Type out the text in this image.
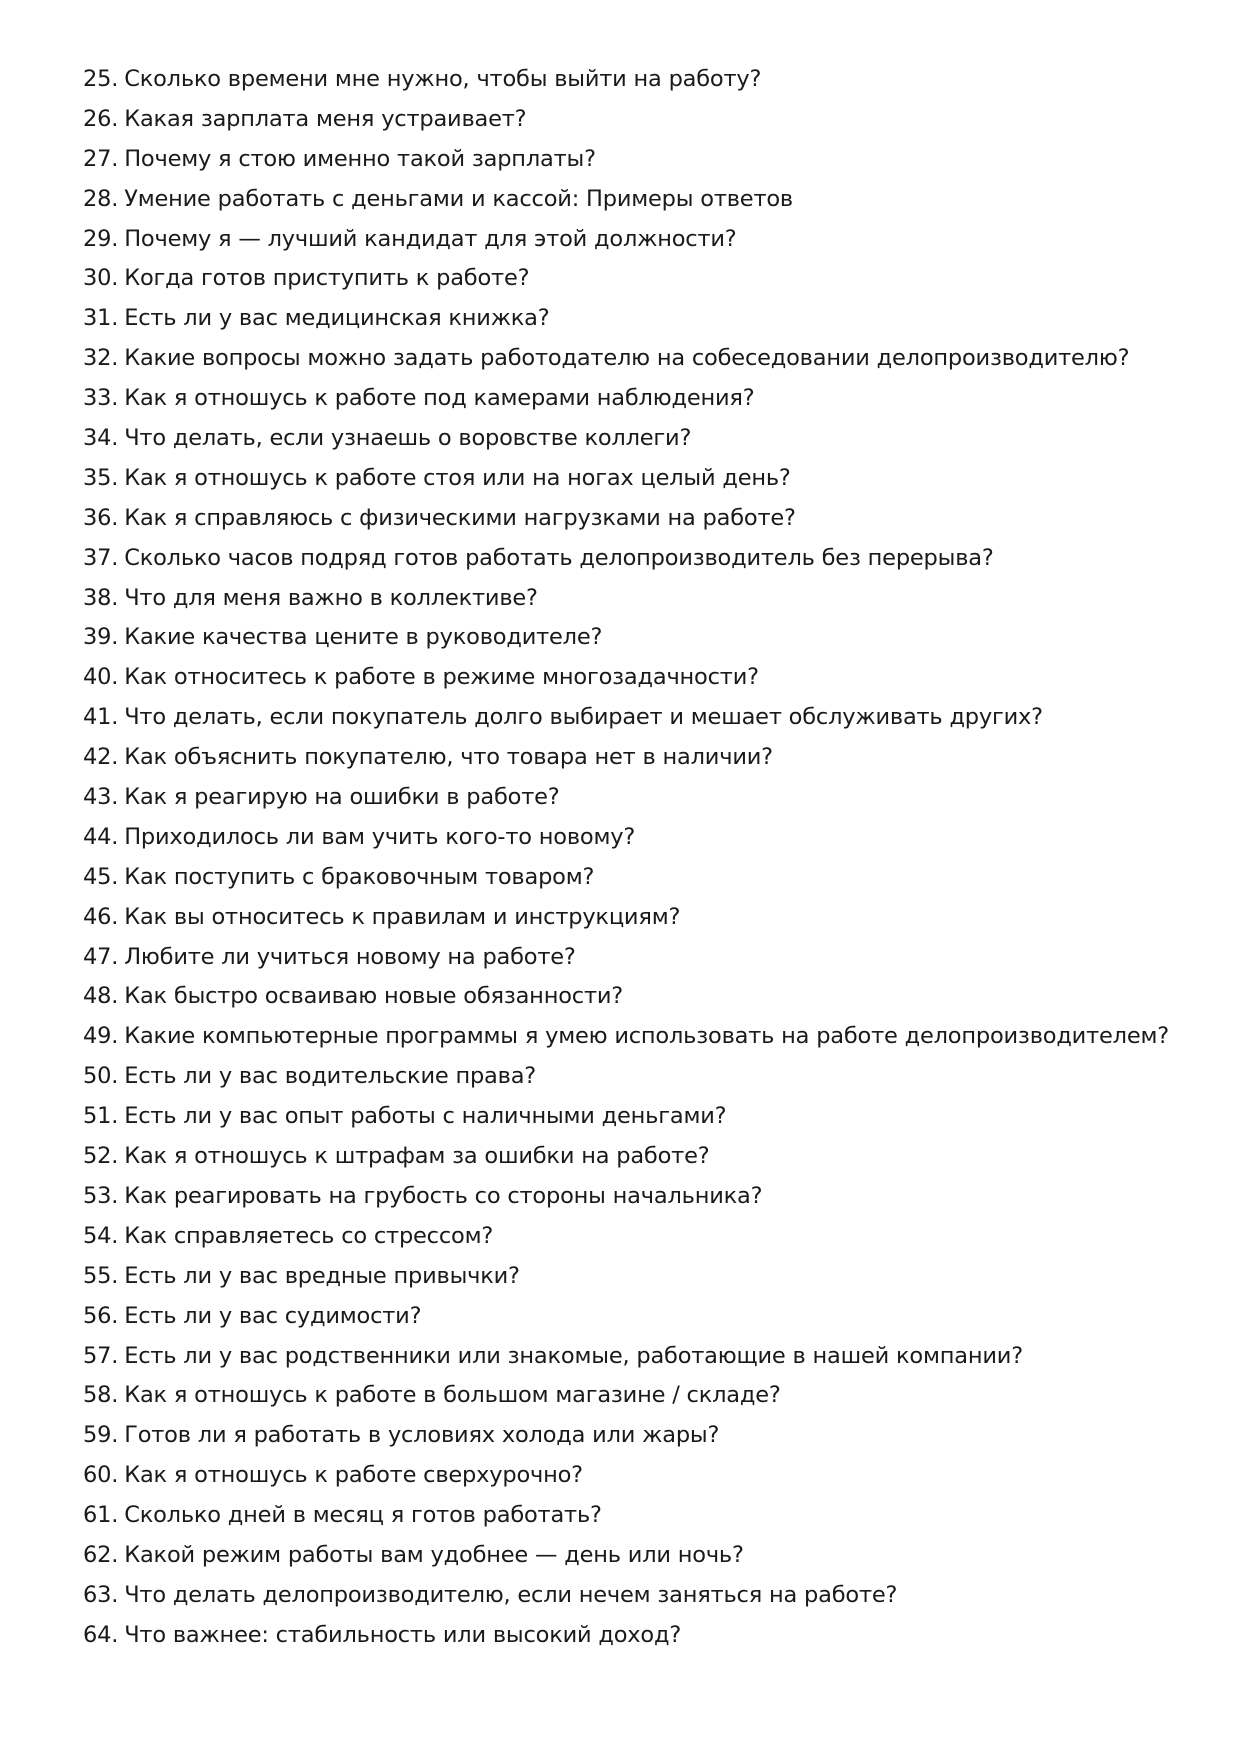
25. Сколько времени мне нужно, чтобы выйти на работу?
26. Какая зарплата меня устраивает?
27. Почему я стою именно такой зарплаты?
28. Умение работать с деньгами и кассой: Примеры ответов
29. Почему я — лучший кандидат для этой должности?
30. Когда готов приступить к работе?
31. Есть ли у вас медицинская книжка?
32. Какие вопросы можно задать работодателю на собеседовании делопроизводителю?
33. Как я отношусь к работе под камерами наблюдения?
34. Что делать, если узнаешь о воровстве коллеги?
35. Как я отношусь к работе стоя или на ногах целый день?
36. Как я справляюсь с физическими нагрузками на работе?
37. Сколько часов подряд готов работать делопроизводитель без перерыва?
38. Что для меня важно в коллективе?
39. Какие качества цените в руководителе?
40. Как относитесь к работе в режиме многозадачности?
41. Что делать, если покупатель долго выбирает и мешает обслуживать других?
42. Как объяснить покупателю, что товара нет в наличии?
43. Как я реагирую на ошибки в работе?
44. Приходилось ли вам учить кого-то новому?
45. Как поступить с браковочным товаром?
46. Как вы относитесь к правилам и инструкциям?
47. Любите ли учиться новому на работе?
48. Как быстро осваиваю новые обязанности?
49. Какие компьютерные программы я умею использовать на работе делопроизводителем?
50. Есть ли у вас водительские права?
51. Есть ли у вас опыт работы с наличными деньгами?
52. Как я отношусь к штрафам за ошибки на работе?
53. Как реагировать на грубость со стороны начальника?
54. Как справляетесь со стрессом?
55. Есть ли у вас вредные привычки?
56. Есть ли у вас судимости?
57. Есть ли у вас родственники или знакомые, работающие в нашей компании?
58. Как я отношусь к работе в большом магазине / складе?
59. Готов ли я работать в условиях холода или жары?
60. Как я отношусь к работе сверхурочно?
61. Сколько дней в месяц я готов работать?
62. Какой режим работы вам удобнее — день или ночь?
63. Что делать делопроизводителю, если нечем заняться на работе?
64. Что важнее: стабильность или высокий доход?
